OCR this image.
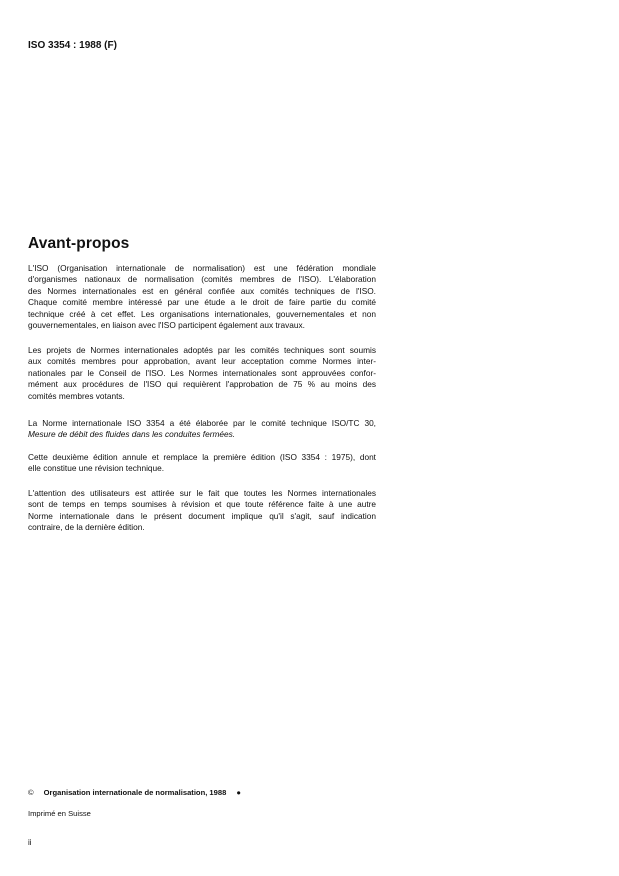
ISO 3354 : 1988 (F)
Avant-propos
L'ISO (Organisation internationale de normalisation) est une fédération mondiale
d'organismes nationaux de normalisation (comités membres de l'ISO). L'élaboration
des Normes internationales est en général confiée aux comités techniques de l'ISO.
Chaque comité membre intéressé par une étude a le droit de faire partie du comité
technique créé à cet effet. Les organisations internationales, gouvernementales et non
gouvernementales, en liaison avec l'ISO participent également aux travaux.
Les projets de Normes internationales adoptés par les comités techniques sont soumis
aux comités membres pour approbation, avant leur acceptation comme Normes inter-
nationales par le Conseil de l'ISO. Les Normes internationales sont approuvées confor-
mément aux procédures de l'ISO qui requièrent l'approbation de 75 % au moins des
comités membres votants.
La Norme internationale ISO 3354 a été élaborée par le comité technique ISO/TC 30,
Mesure de débit des fluides dans les conduites fermées.
Cette deuxième édition annule et remplace la première édition (ISO 3354 : 1975), dont
elle constitue une révision technique.
L'attention des utilisateurs est attirée sur le fait que toutes les Normes internationales
sont de temps en temps soumises à révision et que toute référence faite à une autre
Norme internationale dans le présent document implique qu'il s'agit, sauf indication
contraire, de la dernière édition.
© Organisation internationale de normalisation, 1988 ●
Imprimé en Suisse
ii
